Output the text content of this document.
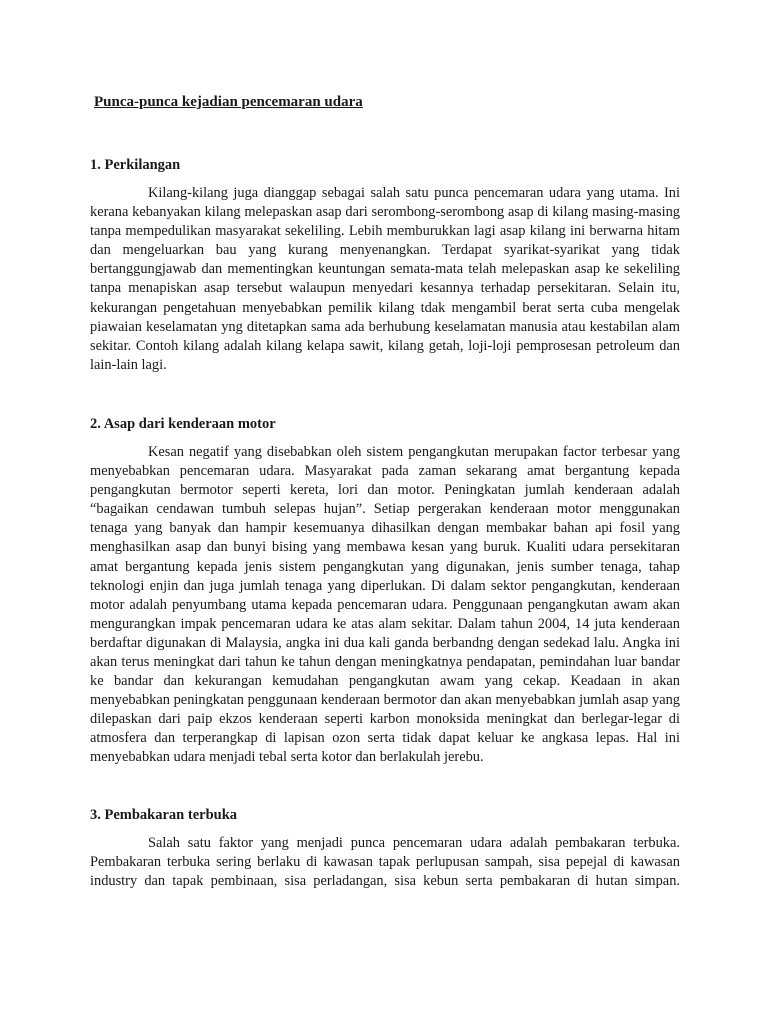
Punca-punca kejadian pencemaran udara
1. Perkilangan

Kilang-kilang juga dianggap sebagai salah satu punca pencemaran udara yang utama. Ini kerana kebanyakan kilang melepaskan asap dari serombong-serombong asap di kilang masing-masing tanpa mempedulikan masyarakat sekeliling. Lebih memburukkan lagi asap kilang ini berwarna hitam dan mengeluarkan bau yang kurang menyenangkan. Terdapat syarikat-syarikat yang tidak bertanggungjawab dan mementingkan keuntungan semata-mata telah melepaskan asap ke sekeliling tanpa menapiskan asap tersebut walaupun menyedari kesannya terhadap persekitaran. Selain itu, kekurangan pengetahuan menyebabkan pemilik kilang tdak mengambil berat serta cuba mengelak piawaian keselamatan yng ditetapkan sama ada berhubung keselamatan manusia atau kestabilan alam sekitar. Contoh kilang adalah kilang kelapa sawit, kilang getah, loji-loji pemprosesan petroleum dan lain-lain lagi.

2. Asap dari kenderaan motor

Kesan negatif yang disebabkan oleh sistem pengangkutan merupakan factor terbesar yang menyebabkan pencemaran udara. Masyarakat pada zaman sekarang amat bergantung kepada pengangkutan bermotor seperti kereta, lori dan motor. Peningkatan jumlah kenderaan adalah “bagaikan cendawan tumbuh selepas hujan”. Setiap pergerakan kenderaan motor menggunakan tenaga yang banyak dan hampir kesemuanya dihasilkan dengan membakar bahan api fosil yang menghasilkan asap dan bunyi bising yang membawa kesan yang buruk. Kualiti udara persekitaran amat bergantung kepada jenis sistem pengangkutan yang digunakan, jenis sumber tenaga, tahap teknologi enjin dan juga jumlah tenaga yang diperlukan. Di dalam sektor pengangkutan, kenderaan motor adalah penyumbang utama kepada pencemaran udara. Penggunaan pengangkutan awam akan mengurangkan impak pencemaran udara ke atas alam sekitar. Dalam tahun 2004, 14 juta kenderaan berdaftar digunakan di Malaysia, angka ini dua kali ganda berbandng dengan sedekad lalu. Angka ini akan terus meningkat dari tahun ke tahun dengan meningkatnya pendapatan, pemindahan luar bandar ke bandar dan kekurangan kemudahan pengangkutan awam yang cekap. Keadaan in akan menyebabkan peningkatan penggunaan kenderaan bermotor dan akan menyebabkan jumlah asap yang dilepaskan dari paip ekzos kenderaan seperti karbon monoksida meningkat dan berlegar-legar di atmosfera dan terperangkap di lapisan ozon serta tidak dapat keluar ke angkasa lepas. Hal ini menyebabkan udara menjadi tebal serta kotor dan berlakulah jerebu.

3. Pembakaran terbuka

Salah satu faktor yang menjadi punca pencemaran udara adalah pembakaran terbuka. Pembakaran terbuka sering berlaku di kawasan tapak perlupusan sampah, sisa pepejal di kawasan industry dan tapak pembinaan, sisa perladangan, sisa kebun serta pembakaran di hutan simpan.
